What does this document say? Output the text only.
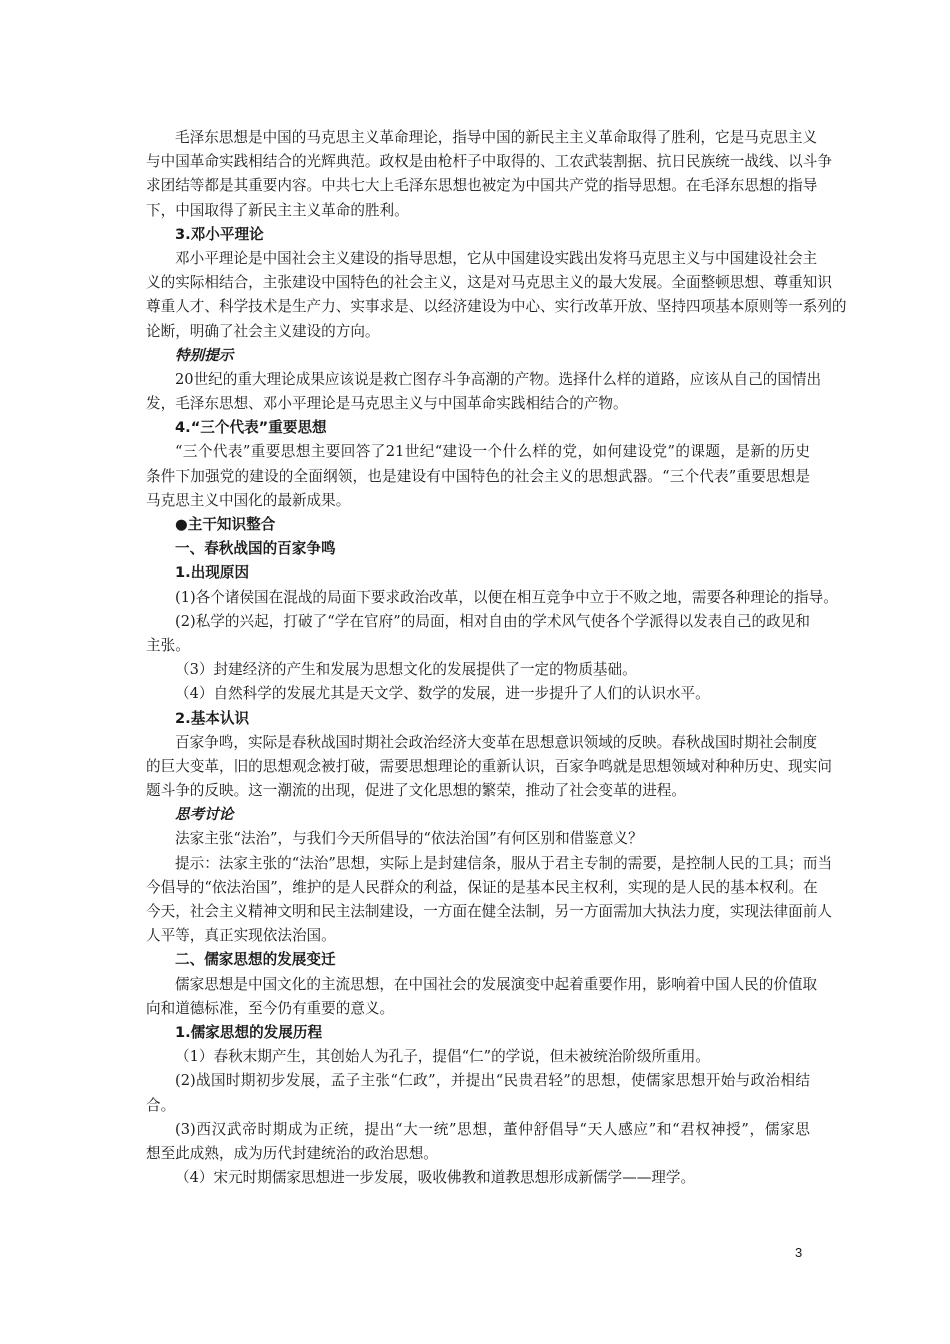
毛泽东思想是中国的马克思主义革命理论，指导中国的新民主主义革命取得了胜利，它是马克思主义
与中国革命实践相结合的光辉典范。政权是由枪杆子中取得的、工农武装割据、抗日民族统一战线、以斗争
求团结等都是其重要内容。中共七大上毛泽东思想也被定为中国共产党的指导思想。在毛泽东思想的指导
下，中国取得了新民主主义革命的胜利。
3.邓小平理论
邓小平理论是中国社会主义建设的指导思想，它从中国建设实践出发将马克思主义与中国建设社会主
义的实际相结合，主张建设中国特色的社会主义，这是对马克思主义的最大发展。全面整顿思想、尊重知识
尊重人才、科学技术是生产力、实事求是、以经济建设为中心、实行改革开放、坚持四项基本原则等一系列的
论断，明确了社会主义建设的方向。
特别提示
20世纪的重大理论成果应该说是救亡图存斗争高潮的产物。选择什么样的道路，应该从自己的国情出
发，毛泽东思想、邓小平理论是马克思主义与中国革命实践相结合的产物。
4.“三个代表”重要思想
“三个代表”重要思想主要回答了21世纪“建设一个什么样的党，如何建设党”的课题，是新的历史
条件下加强党的建设的全面纲领，也是建设有中国特色的社会主义的思想武器。“三个代表”重要思想是
马克思主义中国化的最新成果。
●主干知识整合
一、春秋战国的百家争鸣
1.出现原因
(1)各个诸侯国在混战的局面下要求政治改革，以便在相互竞争中立于不败之地，需要各种理论的指导。
(2)私学的兴起，打破了“学在官府”的局面，相对自由的学术风气使各个学派得以发表自己的政见和
主张。
（3）封建经济的产生和发展为思想文化的发展提供了一定的物质基础。
（4）自然科学的发展尤其是天文学、数学的发展，进一步提升了人们的认识水平。
2.基本认识
百家争鸣，实际是春秋战国时期社会政治经济大变革在思想意识领域的反映。春秋战国时期社会制度
的巨大变革，旧的思想观念被打破，需要思想理论的重新认识，百家争鸣就是思想领域对种种历史、现实问
题斗争的反映。这一潮流的出现，促进了文化思想的繁荣，推动了社会变革的进程。
思考讨论
法家主张“法治”，与我们今天所倡导的“依法治国”有何区别和借鉴意义？
提示：法家主张的“法治”思想，实际上是封建信条，服从于君主专制的需要，是控制人民的工具；而当
今倡导的“依法治国”，维护的是人民群众的利益，保证的是基本民主权利，实现的是人民的基本权利。在
今天，社会主义精神文明和民主法制建设，一方面在健全法制，另一方面需加大执法力度，实现法律面前人
人平等，真正实现依法治国。
二、儒家思想的发展变迁
儒家思想是中国文化的主流思想，在中国社会的发展演变中起着重要作用，影响着中国人民的价值取
向和道德标准，至今仍有重要的意义。
1.儒家思想的发展历程
（1）春秋末期产生，其创始人为孔子，提倡“仁”的学说，但未被统治阶级所重用。
(2)战国时期初步发展，孟子主张“仁政”，并提出“民贵君轻”的思想，使儒家思想开始与政治相结
合。
(3)西汉武帝时期成为正统，提出“大一统”思想，董仲舒倡导“天人感应”和“君权神授”，儒家思
想至此成熟，成为历代封建统治的政治思想。
（4）宋元时期儒家思想进一步发展，吸收佛教和道教思想形成新儒学——理学。
3
